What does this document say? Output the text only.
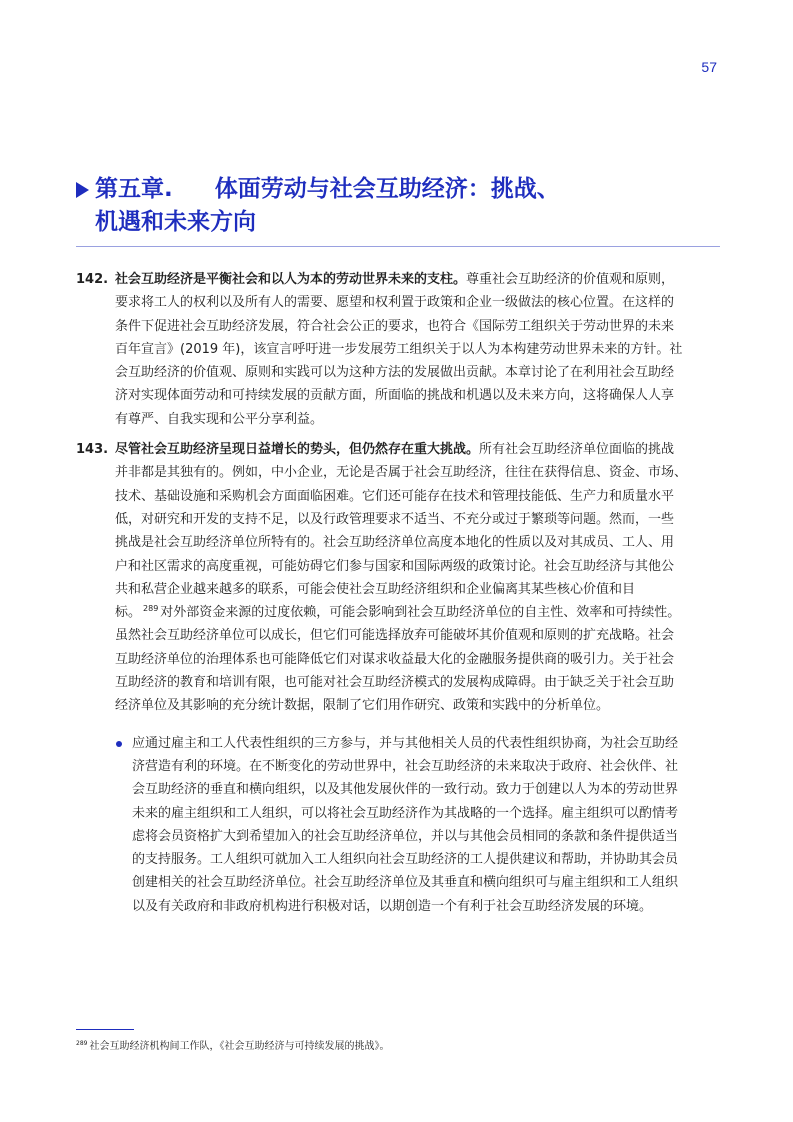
57
第五章. 体面劳动与社会互助经济：挑战、
机遇和未来方向
142. 社会互助经济是平衡社会和以人为本的劳动世界未来的支柱。尊重社会互助经济的价值观和原则，
要求将工人的权利以及所有人的需要、愿望和权利置于政策和企业一级做法的核心位置。在这样的
条件下促进社会互助经济发展，符合社会公正的要求，也符合《国际劳工组织关于劳动世界的未来
百年宣言》(2019 年)，该宣言呼吁进一步发展劳工组织关于以人为本构建劳动世界未来的方针。社
会互助经济的价值观、原则和实践可以为这种方法的发展做出贡献。本章讨论了在利用社会互助经
济对实现体面劳动和可持续发展的贡献方面，所面临的挑战和机遇以及未来方向，这将确保人人享
有尊严、自我实现和公平分享利益。
143. 尽管社会互助经济呈现日益增长的势头，但仍然存在重大挑战。所有社会互助经济单位面临的挑战
并非都是其独有的。例如，中小企业，无论是否属于社会互助经济，往往在获得信息、资金、市场、
技术、基础设施和采购机会方面面临困难。它们还可能存在技术和管理技能低、生产力和质量水平
低，对研究和开发的支持不足，以及行政管理要求不适当、不充分或过于繁琐等问题。然而，一些
挑战是社会互助经济单位所特有的。社会互助经济单位高度本地化的性质以及对其成员、工人、用
户和社区需求的高度重视，可能妨碍它们参与国家和国际两级的政策讨论。社会互助经济与其他公
共和私营企业越来越多的联系，可能会使社会互助经济组织和企业偏离其某些核心价值和目
标。 $^{289}$ 对外部资金来源的过度依赖，可能会影响到社会互助经济单位的自主性、效率和可持续性。
虽然社会互助经济单位可以成长，但它们可能选择放弃可能破坏其价值观和原则的扩充战略。社会
互助经济单位的治理体系也可能降低它们对谋求收益最大化的金融服务提供商的吸引力。关于社会
互助经济的教育和培训有限，也可能对社会互助经济模式的发展构成障碍。由于缺乏关于社会互助
经济单位及其影响的充分统计数据，限制了它们用作研究、政策和实践中的分析单位。
应通过雇主和工人代表性组织的三方参与，并与其他相关人员的代表性组织协商，为社会互助经
济营造有利的环境。在不断变化的劳动世界中，社会互助经济的未来取决于政府、社会伙伴、社
会互助经济的垂直和横向组织，以及其他发展伙伴的一致行动。致力于创建以人为本的劳动世界
未来的雇主组织和工人组织，可以将社会互助经济作为其战略的一个选择。雇主组织可以酌情考
虑将会员资格扩大到希望加入的社会互助经济单位，并以与其他会员相同的条款和条件提供适当
的支持服务。工人组织可就加入工人组织向社会互助经济的工人提供建议和帮助，并协助其会员
创建相关的社会互助经济单位。社会互助经济单位及其垂直和横向组织可与雇主组织和工人组织
以及有关政府和非政府机构进行积极对话，以期创造一个有利于社会互助经济发展的环境。
$^{289}$ 社会互助经济机构间工作队，《社会互助经济与可持续发展的挑战》。
